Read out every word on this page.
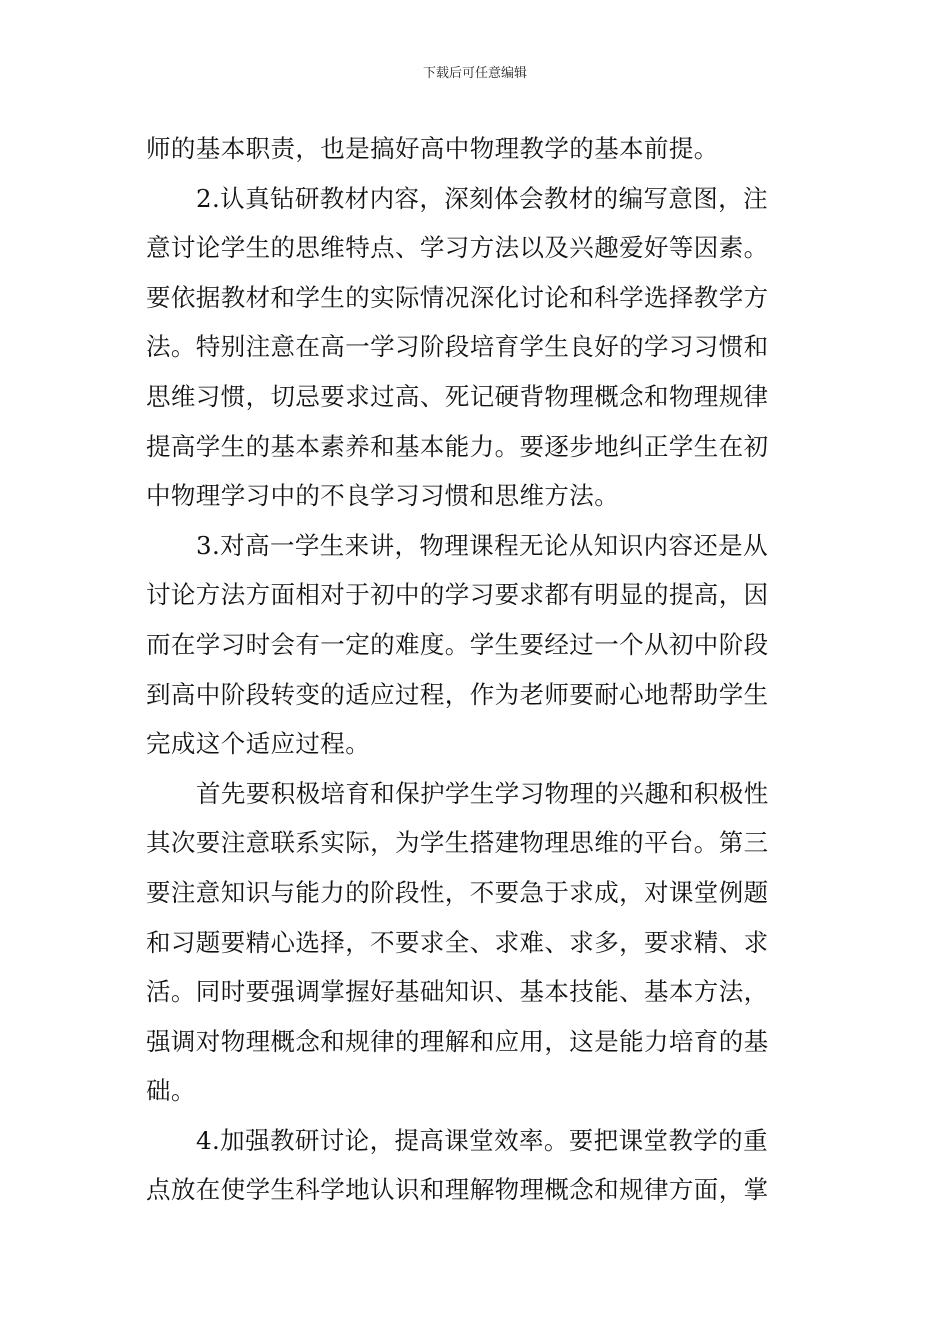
下载后可任意编辑
师的基本职责，也是搞好高中物理教学的基本前提。
2.认真钻研教材内容，深刻体会教材的编写意图，注
意讨论学生的思维特点、学习方法以及兴趣爱好等因素。
要依据教材和学生的实际情况深化讨论和科学选择教学方
法。特别注意在高一学习阶段培育学生良好的学习习惯和
思维习惯，切忌要求过高、死记硬背物理概念和物理规律
提高学生的基本素养和基本能力。要逐步地纠正学生在初
中物理学习中的不良学习习惯和思维方法。
3.对高一学生来讲，物理课程无论从知识内容还是从
讨论方法方面相对于初中的学习要求都有明显的提高，因
而在学习时会有一定的难度。学生要经过一个从初中阶段
到高中阶段转变的适应过程，作为老师要耐心地帮助学生
完成这个适应过程。
首先要积极培育和保护学生学习物理的兴趣和积极性
其次要注意联系实际，为学生搭建物理思维的平台。第三
要注意知识与能力的阶段性，不要急于求成，对课堂例题
和习题要精心选择，不要求全、求难、求多，要求精、求
活。同时要强调掌握好基础知识、基本技能、基本方法，
强调对物理概念和规律的理解和应用，这是能力培育的基
础。
4.加强教研讨论，提高课堂效率。要把课堂教学的重
点放在使学生科学地认识和理解物理概念和规律方面，掌
